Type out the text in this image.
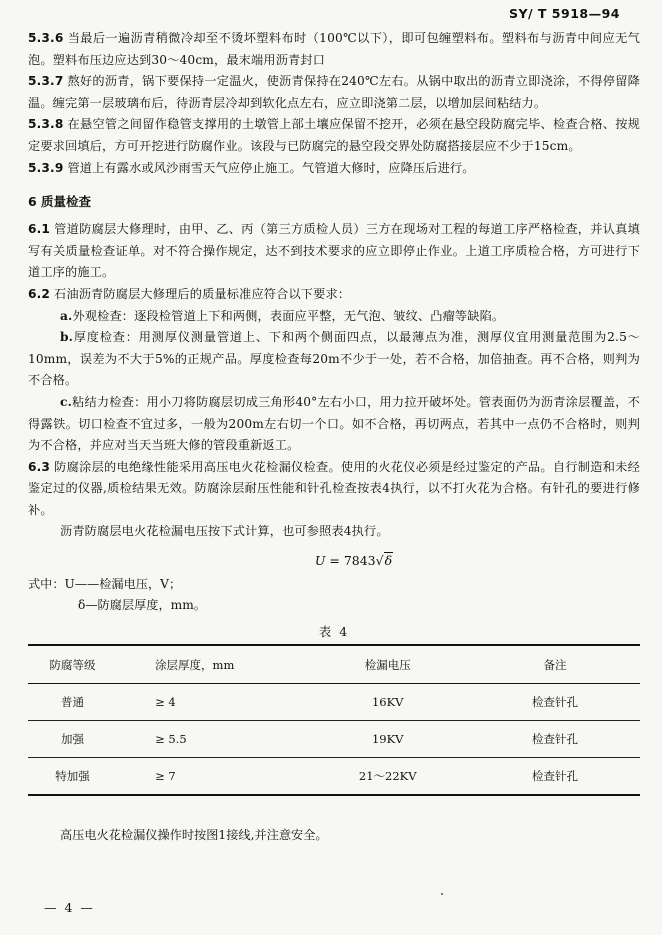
SY/ T 5918—94

5.3.6 当最后一遍沥青稍微冷却至不烫坏塑料布时（100℃以下），即可包缠塑料布。塑料布与沥青中间应无气泡。塑料布压边应达到30～40cm，最末端用沥青封口

5.3.7 熬好的沥青，锅下要保持一定温火，使沥青保持在240℃左右。从锅中取出的沥青立即浇涂，不得停留降温。缠完第一层玻璃布后，待沥青层冷却到软化点左右，应立即浇第二层，以增加层间粘结力。

5.3.8 在悬空管之间留作稳管支撑用的土墩管上部土壤应保留不挖开，必须在悬空段防腐完毕、检查合格、按规定要求回填后，方可开挖进行防腐作业。该段与已防腐完的悬空段交界处防腐搭接层应不少于15cm。

5.3.9 管道上有露水或风沙雨雪天气应停止施工。气管道大修时，应降压后进行。

6 质量检查

6.1 管道防腐层大修理时，由甲、乙、丙（第三方质检人员）三方在现场对工程的每道工序严格检查，并认真填写有关质量检查证单。对不符合操作规定，达不到技术要求的应立即停止作业。上道工序质检合格，方可进行下道工序的施工。

6.2 石油沥青防腐层大修理后的质量标准应符合以下要求：

a.外观检查：逐段检管道上下和两侧，表面应平整，无气泡、皱纹、凸瘤等缺陷。

b.厚度检查：用测厚仪测量管道上、下和两个侧面四点，以最薄点为准，测厚仪宜用测量范围为2.5～10mm，误差为不大于5%的正规产品。厚度检查每20m不少于一处，若不合格，加倍抽查。再不合格，则判为不合格。

c.粘结力检查：用小刀将防腐层切成三角形40°左右小口，用力拉开破坏处。管表面仍为沥青涂层覆盖，不得露铁。切口检查不宜过多，一般为200m左右切一个口。如不合格，再切两点，若其中一点仍不合格时，则判为不合格，并应对当天当班大修的管段重新返工。

6.3 防腐涂层的电绝缘性能采用高压电火花检漏仪检查。使用的火花仪必须是经过鉴定的产品。自行制造和未经鉴定过的仪器,质检结果无效。防腐涂层耐压性能和针孔检查按表4执行，以不打火花为合格。有针孔的要进行修补。

沥青防腐层电火花检漏电压按下式计算，也可参照表4执行。

U = 7843√δ

式中：U——检漏电压，V；

δ—防腐层厚度，mm。

表 4
防腐等级	涂层厚度，mm	检漏电压	备注
普通	≥ 4	16KV	检查针孔
加强	≥ 5.5	19KV	检查针孔
特加强	≥ 7	21～22KV	检查针孔
高压电火花检漏仪操作时按图1接线,并注意安全。
— 4 —
